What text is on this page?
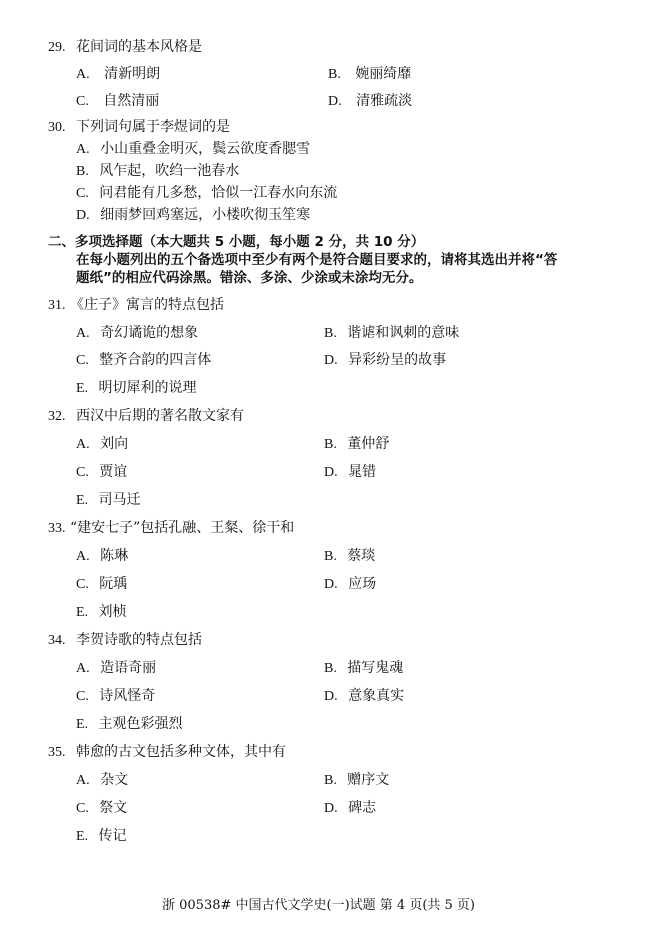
29. 花间词的基本风格是
A. 清新明朗	B. 婉丽绮靡
C. 自然清丽	D. 清雅疏淡
30. 下列词句属于李煜词的是
A. 小山重叠金明灭，鬓云欲度香腮雪
B. 风乍起，吹绉一池春水
C. 问君能有几多愁，恰似一江春水向东流
D. 细雨梦回鸡塞远，小楼吹彻玉笙寒
二、多项选择题（本大题共 5 小题，每小题 2 分，共 10 分）
在每小题列出的五个备选项中至少有两个是符合题目要求的，请将其选出并将“答
题纸”的相应代码涂黑。错涂、多涂、少涂或未涂均无分。
31. 《庄子》寓言的特点包括
A. 奇幻谲诡的想象	B. 谐谑和讽刺的意味
C. 整齐合韵的四言体	D. 异彩纷呈的故事
E. 明切犀利的说理
32. 西汉中后期的著名散文家有
A. 刘向	B. 董仲舒
C. 贾谊	D. 晁错
E. 司马迁
33. “建安七子”包括孔融、王粲、徐干和
A. 陈琳	B. 蔡琰
C. 阮瑀	D. 应玚
E. 刘桢
34. 李贺诗歌的特点包括
A. 造语奇丽	B. 描写鬼魂
C. 诗风怪奇	D. 意象真实
E. 主观色彩强烈
35. 韩愈的古文包括多种文体，其中有
A. 杂文	B. 赠序文
C. 祭文	D. 碑志
E. 传记
浙 00538# 中国古代文学史(一)试题 第 4 页(共 5 页)
